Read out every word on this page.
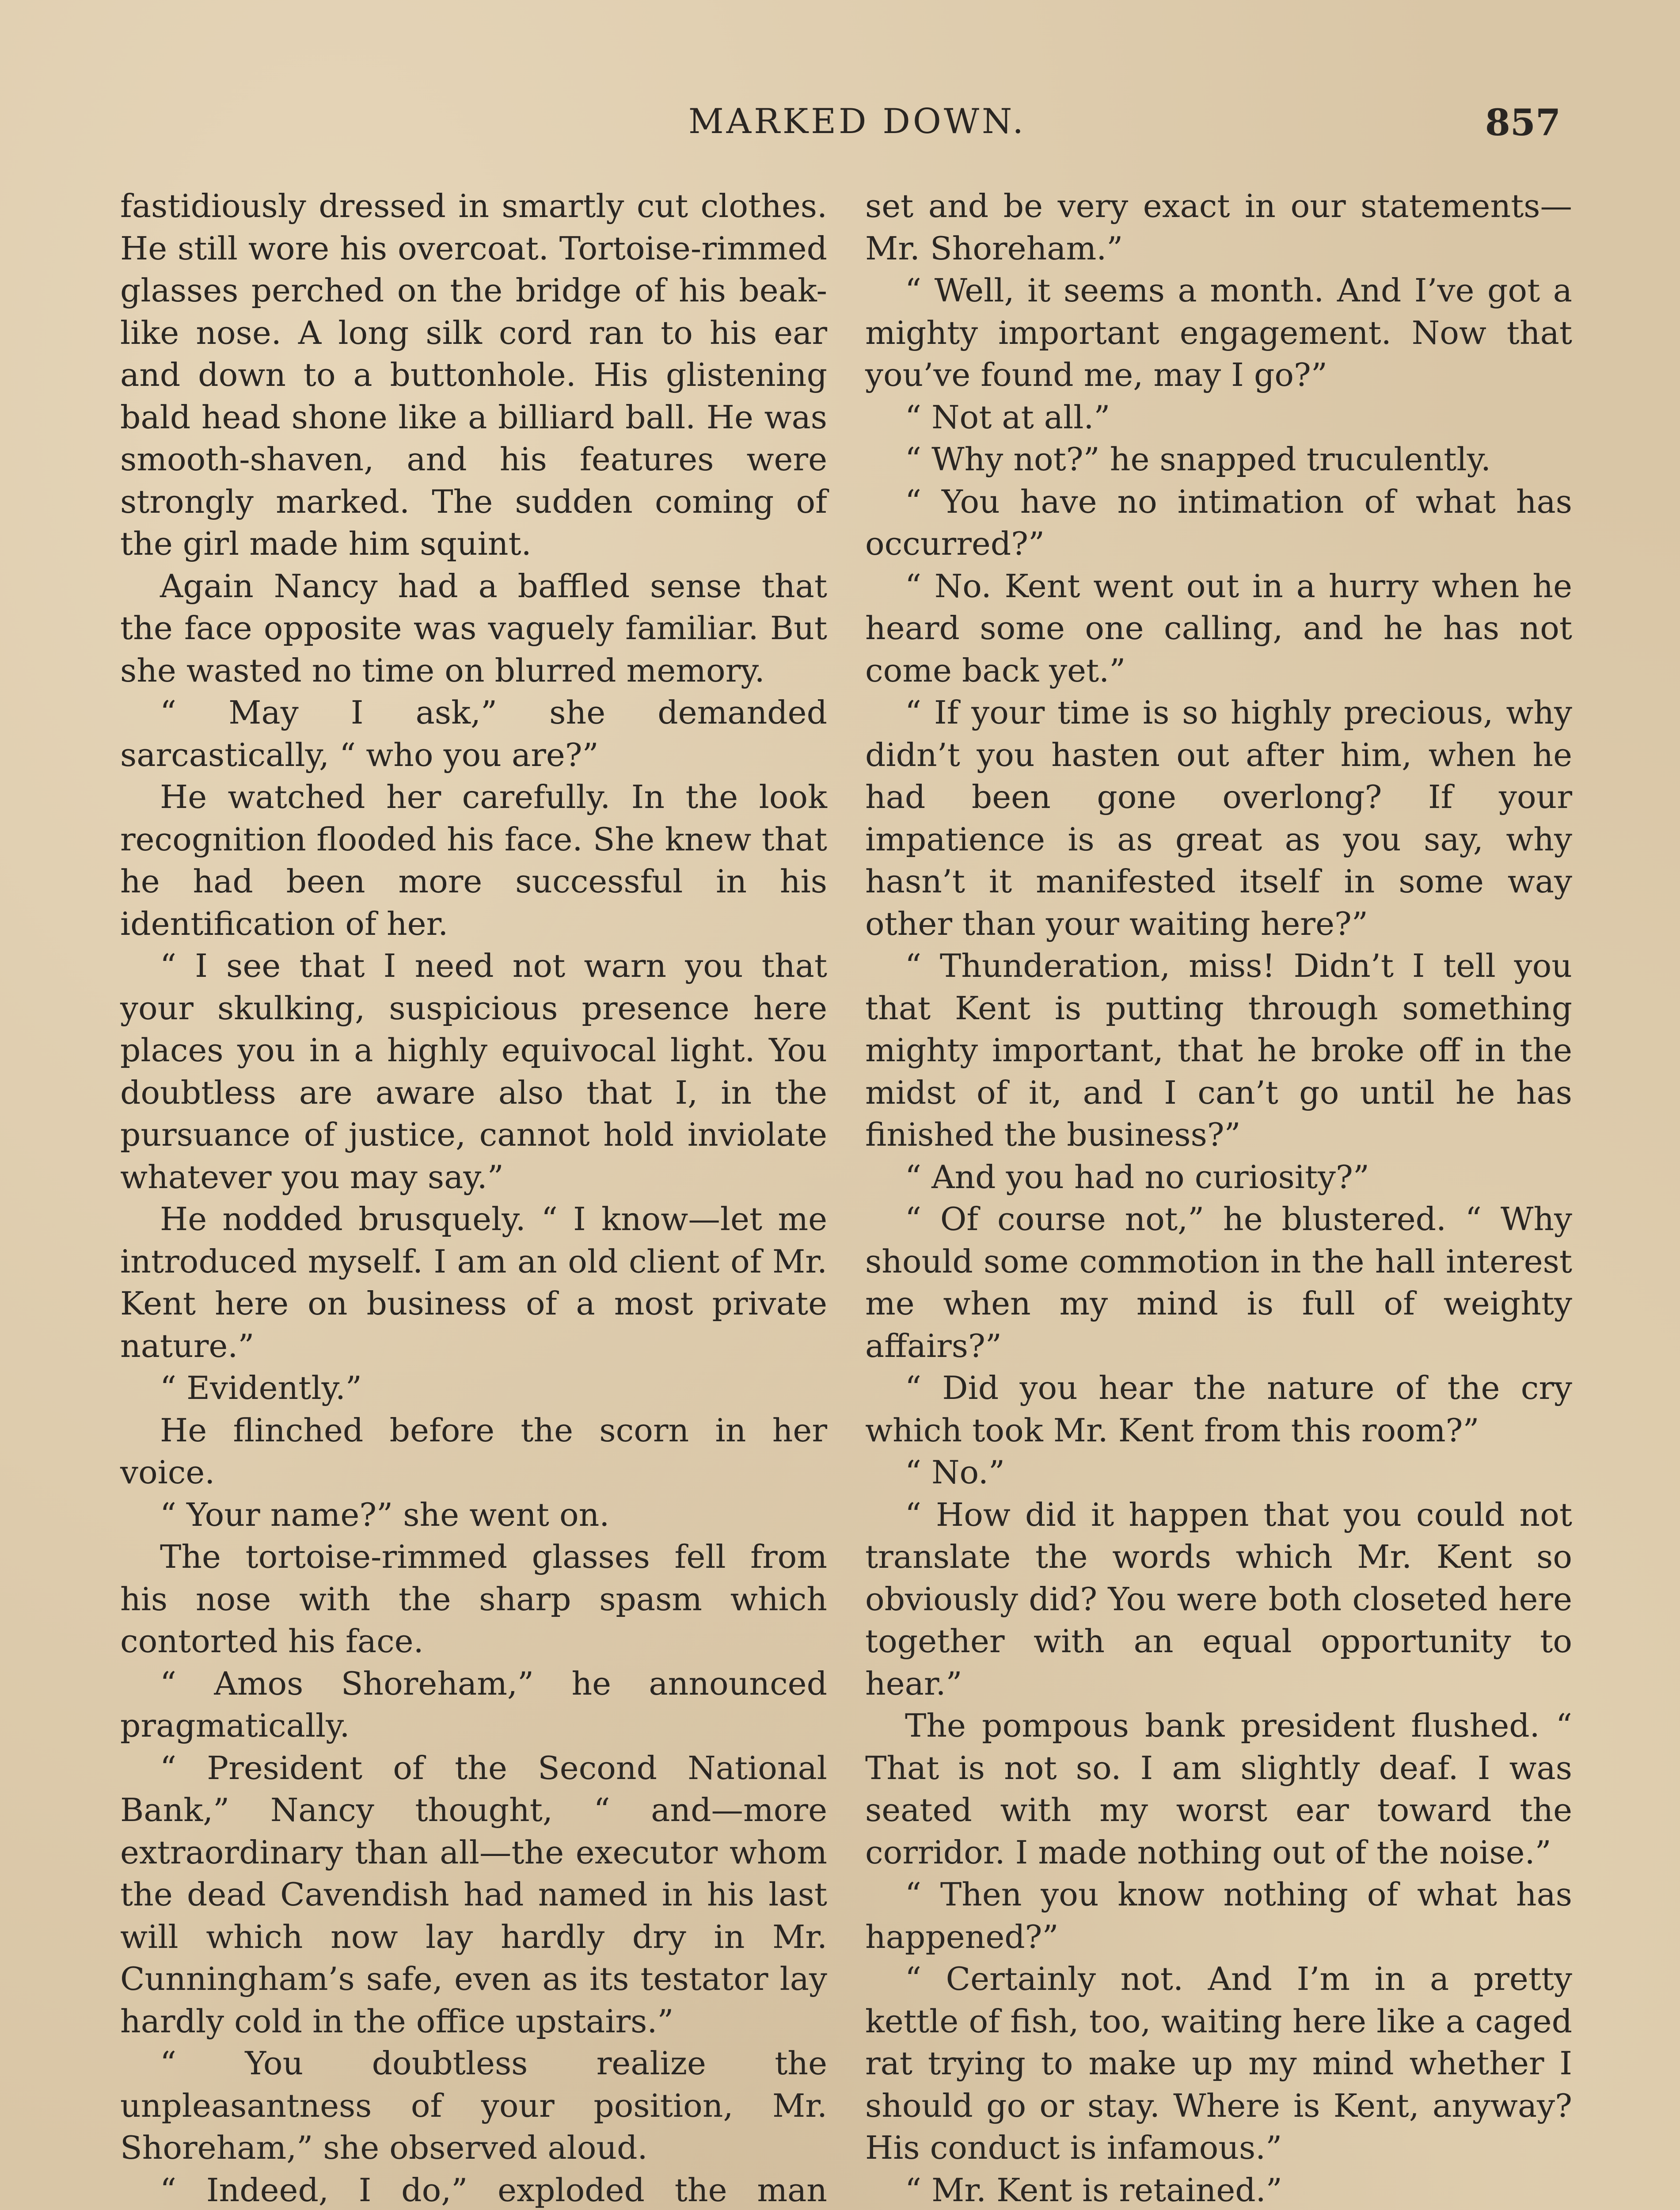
MARKED DOWN.	857

fastidiously dressed in smartly cut clothes. He still wore his overcoat. Tortoise-rimmed glasses perched on the bridge of his beak-like nose. A long silk cord ran to his ear and down to a buttonhole. His glistening bald head shone like a billiard ball. He was smooth-shaven, and his features were strongly marked. The sudden coming of the girl made him squint.

Again Nancy had a baffled sense that the face opposite was vaguely familiar. But she wasted no time on blurred memory.

“ May I ask,” she demanded sarcastically, “ who you are?”

He watched her carefully. In the look recognition flooded his face. She knew that he had been more successful in his identification of her.

“ I see that I need not warn you that your skulking, suspicious presence here places you in a highly equivocal light. You doubtless are aware also that I, in the pursuance of justice, cannot hold inviolate whatever you may say.”

He nodded brusquely. “ I know—let me introduced myself. I am an old client of Mr. Kent here on business of a most private nature.”

“ Evidently.”

He flinched before the scorn in her voice.

“ Your name?” she went on.

The tortoise-rimmed glasses fell from his nose with the sharp spasm which contorted his face.

“ Amos Shoreham,” he announced pragmatically.

“ President of the Second National Bank,” Nancy thought, “ and—more extraordinary than all—the executor whom the dead Cavendish had named in his last will which now lay hardly dry in Mr. Cunningham’s safe, even as its testator lay hardly cold in the office upstairs.”

“ You doubtless realize the unpleasantness of your position, Mr. Shoreham,” she observed aloud.

“ Indeed, I do,” exploded the man

set and be very exact in our statements—Mr. Shoreham.”

“ Well, it seems a month. And I’ve got a mighty important engagement. Now that you’ve found me, may I go?”

“ Not at all.”

“ Why not?” he snapped truculently.

“ You have no intimation of what has occurred?”

“ No. Kent went out in a hurry when he heard some one calling, and he has not come back yet.”

“ If your time is so highly precious, why didn’t you hasten out after him, when he had been gone overlong? If your impatience is as great as you say, why hasn’t it manifested itself in some way other than your waiting here?”

“ Thunderation, miss! Didn’t I tell you that Kent is putting through something mighty important, that he broke off in the midst of it, and I can’t go until he has finished the business?”

“ And you had no curiosity?”

“ Of course not,” he blustered. “ Why should some commotion in the hall interest me when my mind is full of weighty affairs?”

“ Did you hear the nature of the cry which took Mr. Kent from this room?”

“ No.”

“ How did it happen that you could not translate the words which Mr. Kent so obviously did? You were both closeted here together with an equal opportunity to hear.”

The pompous bank president flushed. “ That is not so. I am slightly deaf. I was seated with my worst ear toward the corridor. I made nothing out of the noise.”

“ Then you know nothing of what has happened?”

“ Certainly not. And I’m in a pretty kettle of fish, too, waiting here like a caged rat trying to make up my mind whether I should go or stay. Where is Kent, anyway? His conduct is infamous.”

“ Mr. Kent is retained.”
